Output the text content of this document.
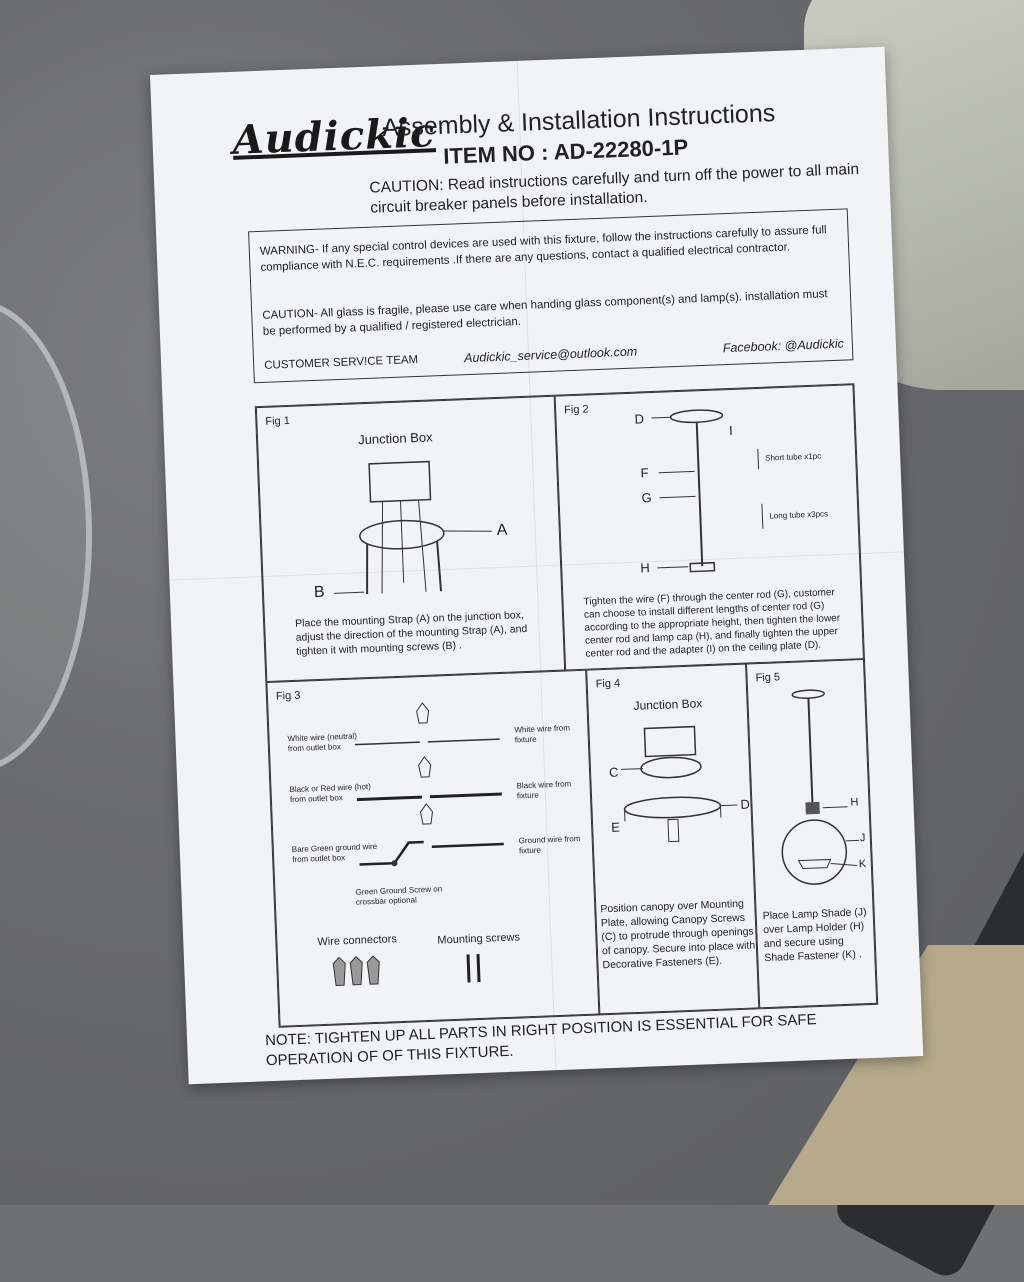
Audickic
Assembly & Installation Instructions
ITEM NO : AD-22280-1P
CAUTION: Read instructions carefully and turn off the power to all main circuit breaker panels before installation.
WARNING- If any special control devices are used with this fixture, follow the instructions carefully to assure full compliance with N.E.C. requirements .If there are any questions, contact a qualified electrical contractor.
CAUTION- All glass is fragile, please use care when handing glass component(s) and lamp(s). installation must be performed by a qualified / registered electrician.
CUSTOMER SERV!CE TEAM	Audickic_service@outlook.com	Facebook: @Audickic
Fig 1
Junction Box
A
B
Place the mounting Strap (A) on the junction box, adjust the direction of the mounting Strap (A), and tighten it with mounting screws (B) .
Fig 2
D
I
F
G
H
Short tube x1pc
Long tube x3pcs
Tighten the wire (F) through the center rod (G), customer can choose to install different lengths of center rod (G) according to the appropriate height, then tighten the lower center rod and lamp cap (H), and finally tighten the upper center rod and the adapter (I) on the ceiling plate (D).
Fig 3
White wire (neutral) from outlet box
White wire from fixture
Black or Red wire (hot) from outlet box
Black wire from fixture
Bare Green ground wire from outlet box
Ground wire from fixture
Green Ground Screw on crossbar optional
Wire connectors	Mounting screws
Fig 4
Junction Box
C
D
E
Position canopy over Mounting Plate, allowing Canopy Screws (C) to protrude through openings of canopy. Secure into place with Decorative Fasteners (E).
Fig 5
H
J
K
Place Lamp Shade (J) over Lamp Holder (H) and secure using Shade Fastener (K) .
NOTE: TIGHTEN UP ALL PARTS IN RIGHT POSITION IS ESSENTIAL FOR SAFE OPERATION OF OF THIS FIXTURE.
